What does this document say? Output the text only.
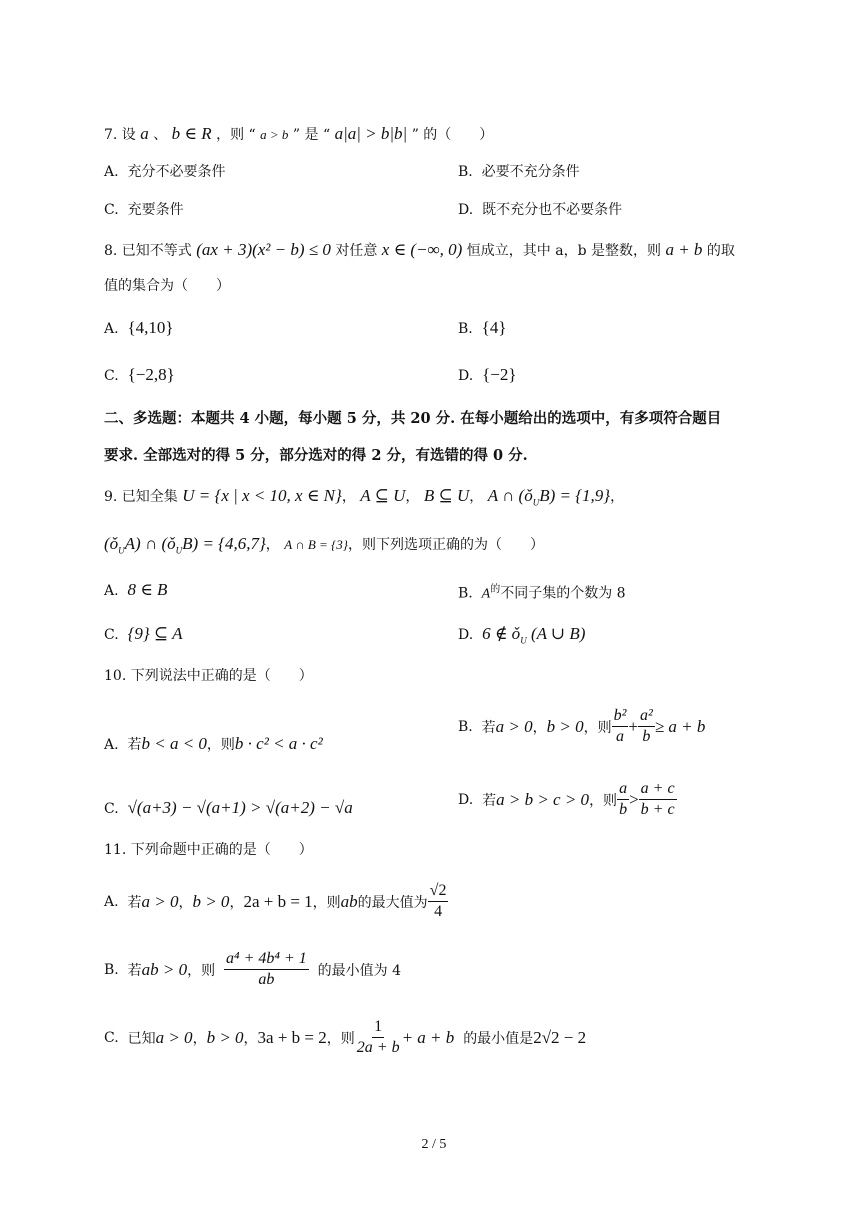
7. 设 a 、 b ∈ R ，则 “ a > b ” 是 “ a|a| > b|b| ” 的（　　）
A. 充分不必要条件	B. 必要不充分条件
C. 充要条件	D. 既不充分也不必要条件
8. 已知不等式 (ax + 3)(x² − b) ≤ 0 对任意 x ∈ (−∞, 0) 恒成立，其中 a，b 是整数，则 a + b 的取
值的集合为（　　）
A. {4,10}	B. {4}
C. {−2,8}	D. {−2}
二、多选题：本题共 4 小题，每小题 5 分，共 20 分. 在每小题给出的选项中，有多项符合题目
要求. 全部选对的得 5 分，部分选对的得 2 分，有选错的得 0 分.
9. 已知全集 U = {x | x < 10, x ∈ N}， A ⊆ U， B ⊆ U， A ∩ $(ǒ_UB) = \{1,9\}$，
$(ǒ_UA)$ ∩ $(ǒ_UB) = \{4,6,7\}$， A ∩ B = {3}，则下列选项正确的为（　　）
A. 8 ∈ B	B. $A^的$不同子集的个数为 8
C. {9} ⊆ A	D. 6 ∉ $ǒ_U$ (A ∪ B)
10. 下列说法中正确的是（　　）
A. 若b < a < 0，则b · c² < a · c²
B.
若 a > 0 ， b > 0 ，则 $\frac{\text{b²}}{a} + \frac{\text{a²}}{b} \ge a + b$
C. √(a+3) − √(a+1) > √(a+2) − √a	D.
若 a > b > c > 0 ，则 $\frac{a}{b} > \frac{a + c}{b + c}$
11. 下列命题中正确的是（　　）
A.
若 a > 0 ， b > 0 ， 2a + b = 1 ，则 ab 的最大值为 $\frac{√2}{4}$
B.
若 ab > 0 ，则
$\frac{\text{a⁴ + 4b⁴ + 1}}{ab}$
的最小值为 4
C.
已知 a > 0 ， b > 0 ， 3a + b = 2 ，则 $\frac{1}{2a + b} + a + b$
的最小值是 2√2 − 2
2 / 5
